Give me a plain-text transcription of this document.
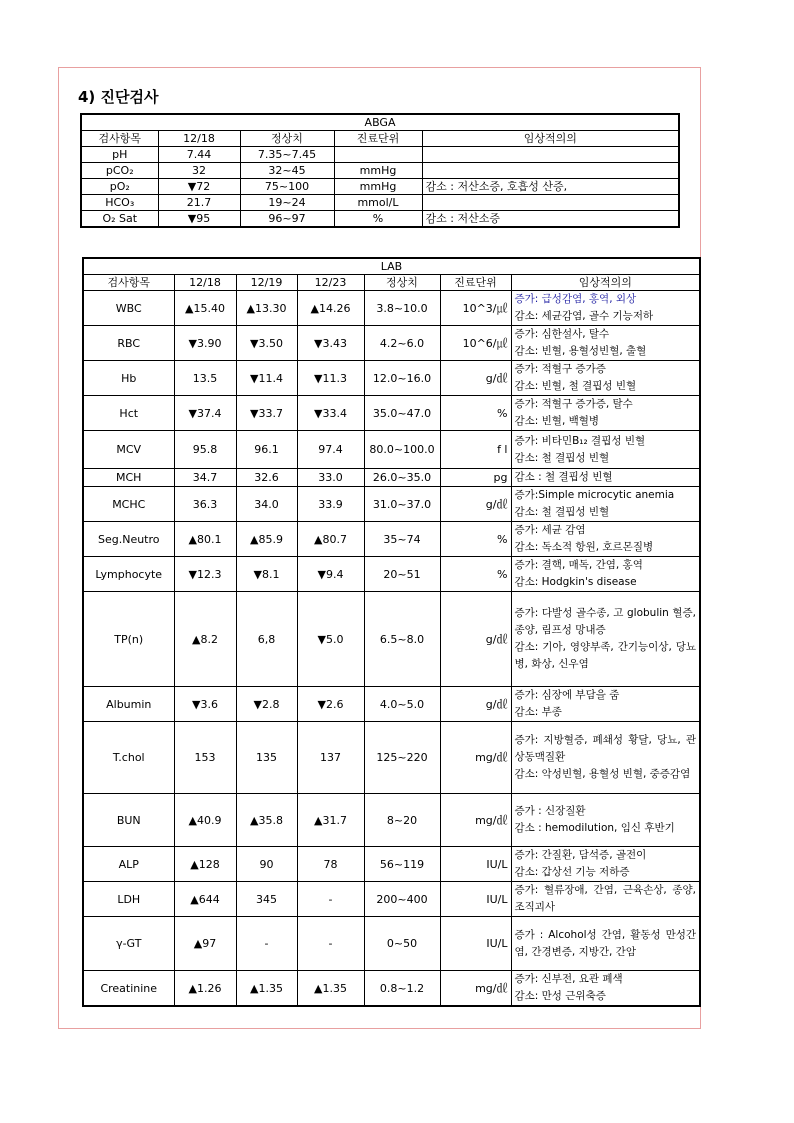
4) 진단검사
ABGA				
검사항목	12/18	정상치	진료단위	임상적의의
pH	7.44	7.35~7.45		
pCO₂	32	32~45	mmHg	
pO₂	▼72	75~100	mmHg	감소 : 저산소증, 호흡성 산증,
HCO₃	21.7	19~24	mmol/L	
O₂ Sat	▼95	96~97	%	감소 : 저산소증
LAB						
검사항목	12/18	12/19	12/23	정상치	진료단위	임상적의의
WBC	▲15.40	▲13.30	▲14.26	3.8~10.0	10^3/㎕	증가: 급성감염, 홍역, 외상
감소: 세균감염, 골수 기능저하

RBC	▼3.90	▼3.50	▼3.43	4.2~6.0	10^6/㎕	증가: 심한설사, 탈수
감소: 빈혈, 용혈성빈혈, 출혈

Hb	13.5	▼11.4	▼11.3	12.0~16.0	g/㎗	증가: 적혈구 증가증
감소: 빈혈, 철 결핍성 빈혈

Hct	▼37.4	▼33.7	▼33.4	35.0~47.0	%	증가: 적혈구 증가증, 탈수
감소: 빈혈, 백혈병

MCV	95.8	96.1	97.4	80.0~100.0	f l	증가: 비타민B₁₂ 결핍성 빈혈
감소: 철 결핍성 빈혈

MCH	34.7	32.6	33.0	26.0~35.0	pg	감소 : 철 결핍성 빈혈

MCHC	36.3	34.0	33.9	31.0~37.0	g/㎗	증가:Simple microcytic anemia
감소: 철 결핍성 빈혈

Seg.Neutro	▲80.1	▲85.9	▲80.7	35~74	%	증가: 세균 감염
감소: 독소적 항원, 호르몬질병

Lymphocyte	▼12.3	▼8.1	▼9.4	20~51	%	증가: 결핵, 매독, 간염, 홍역
감소: Hodgkin's disease

TP(n)	▲8.2	6,8	▼5.0	6.5~8.0	g/㎗	증가: 다발성 골수종, 고 globulin 혈증, 종양, 림프성 망내증
감소: 기아, 영양부족, 간기능이상, 당뇨병, 화상, 신우염

Albumin	▼3.6	▼2.8	▼2.6	4.0~5.0	g/㎗	증가: 심장에 부담을 줌
감소: 부종

T.chol	153	135	137	125~220	mg/㎗	증가: 지방혈증, 폐쇄성 황달, 당뇨, 관상동맥질환
감소: 악성빈혈, 용혈성 빈혈, 중증감염

BUN	▲40.9	▲35.8	▲31.7	8~20	mg/㎗	증가 : 신장질환
감소 : hemodilution, 임신 후반기

ALP	▲128	90	78	56~119	IU/L	증가: 간질환, 담석증, 골전이
감소: 갑상선 기능 저하증

LDH	▲644	345	-	200~400	IU/L	증가: 혈류장애, 간염, 근육손상, 종양, 조직괴사

γ-GT	▲97	-	-	0~50	IU/L	증가 : Alcohol성 간염, 활동성 만성간염, 간경변증, 지방간, 간암

Creatinine	▲1.26	▲1.35	▲1.35	0.8~1.2	mg/㎗	증가: 신부전, 요관 폐색
감소: 만성 근위축증
